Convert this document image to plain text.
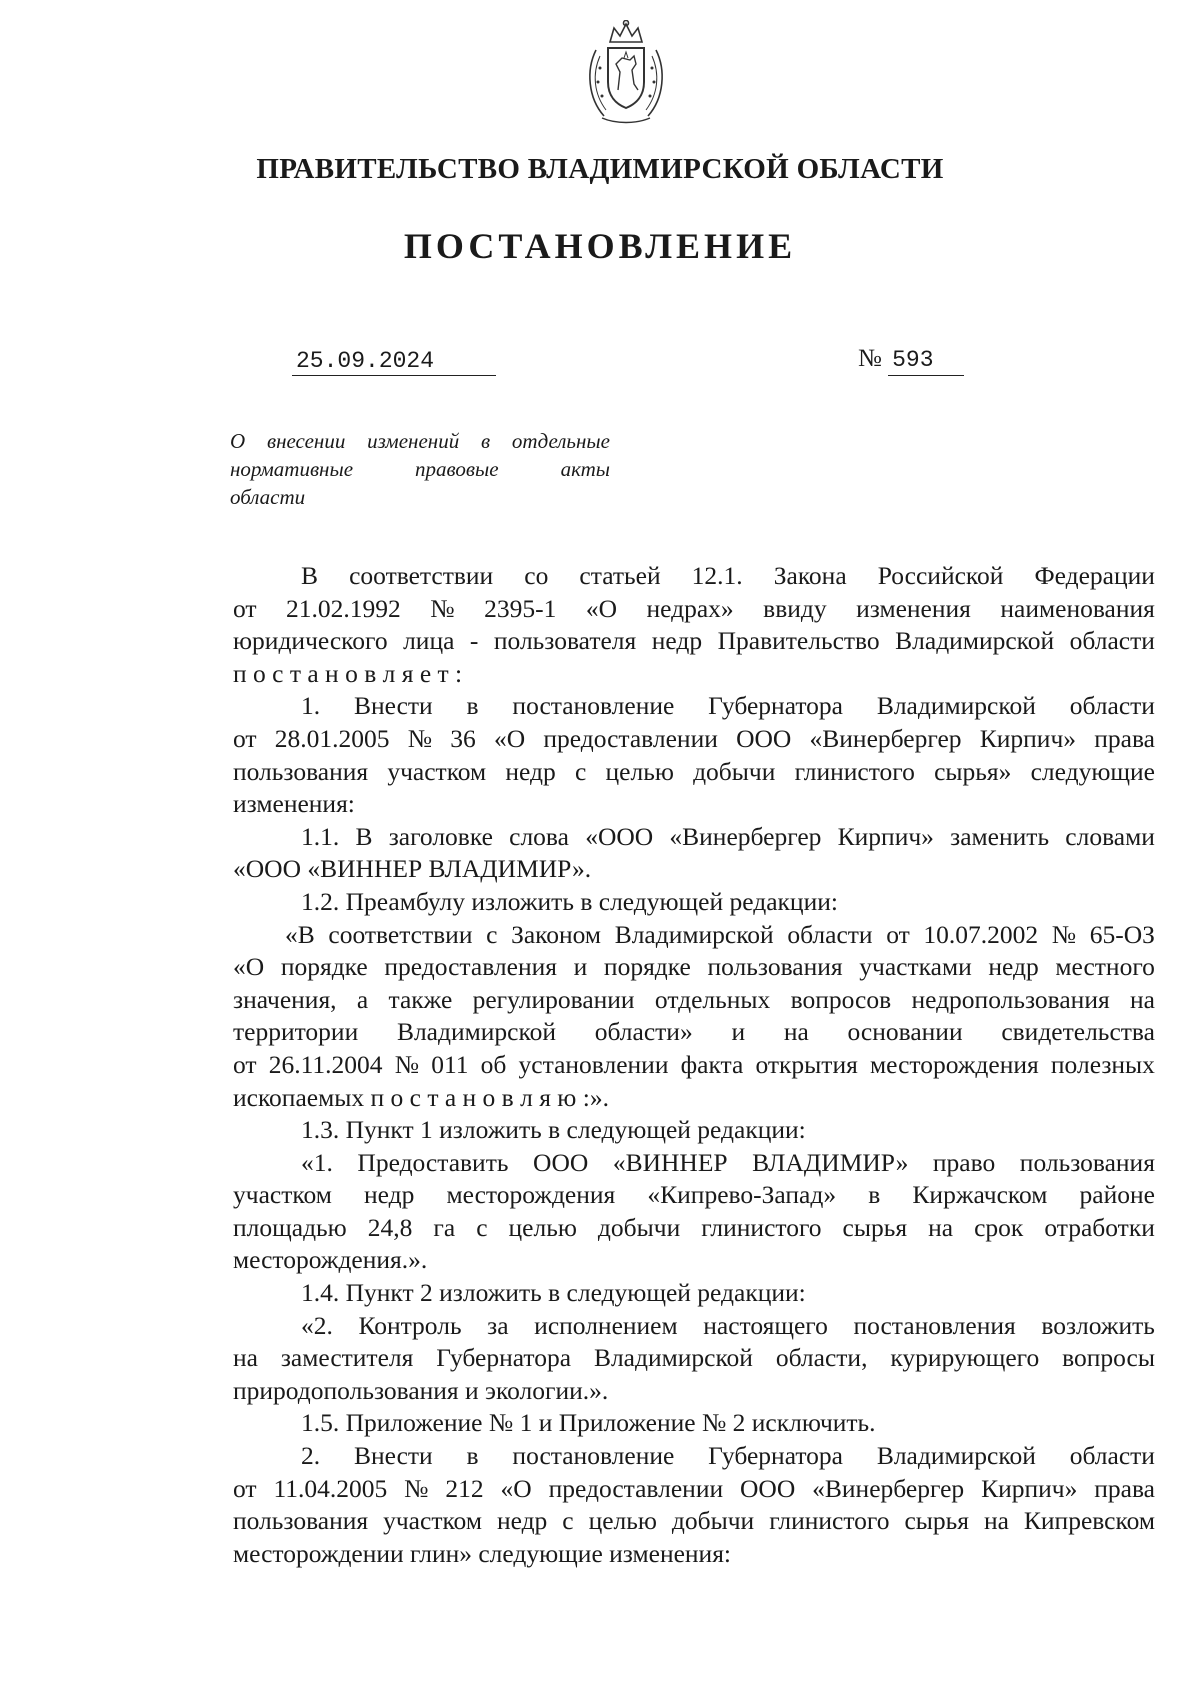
ПРАВИТЕЛЬСТВО ВЛАДИМИРСКОЙ ОБЛАСТИ
ПОСТАНОВЛЕНИЕ
25.09.2024	№ 593
О внесении изменений в отдельные
нормативные	правовые	акты
области
В соответствии со статьей 12.1. Закона Российской Федерации
от 21.02.1992 № 2395-1 «О недрах» ввиду изменения наименования
юридического лица - пользователя недр Правительство Владимирской области
п о с т а н о в л я е т :
1. Внести в постановление Губернатора Владимирской области
от 28.01.2005 № 36 «О предоставлении ООО «Винербергер Кирпич» права
пользования участком недр с целью добычи глинистого сырья» следующие
изменения:
1.1. В заголовке слова «ООО «Винербергер Кирпич» заменить словами
«ООО «ВИННЕР ВЛАДИМИР».
1.2. Преамбулу изложить в следующей редакции:
«В соответствии с Законом Владимирской области от 10.07.2002 № 65-ОЗ
«О порядке предоставления и порядке пользования участками недр местного
значения, а также регулировании отдельных вопросов недропользования на
территории Владимирской области» и на основании свидетельства
от 26.11.2004 № 011 об установлении факта открытия месторождения полезных
ископаемых п о с т а н о в л я ю :».
1.3. Пункт 1 изложить в следующей редакции:
«1. Предоставить ООО «ВИННЕР ВЛАДИМИР» право пользования
участком недр месторождения «Кипрево-Запад» в Киржачском районе
площадью 24,8 га с целью добычи глинистого сырья на срок отработки
месторождения.».
1.4. Пункт 2 изложить в следующей редакции:
«2. Контроль за исполнением настоящего постановления возложить
на заместителя Губернатора Владимирской области, курирующего вопросы
природопользования и экологии.».
1.5. Приложение № 1 и Приложение № 2 исключить.
2. Внести в постановление Губернатора Владимирской области
от 11.04.2005 № 212 «О предоставлении ООО «Винербергер Кирпич» права
пользования участком недр с целью добычи глинистого сырья на Кипревском
месторождении глин» следующие изменения:
